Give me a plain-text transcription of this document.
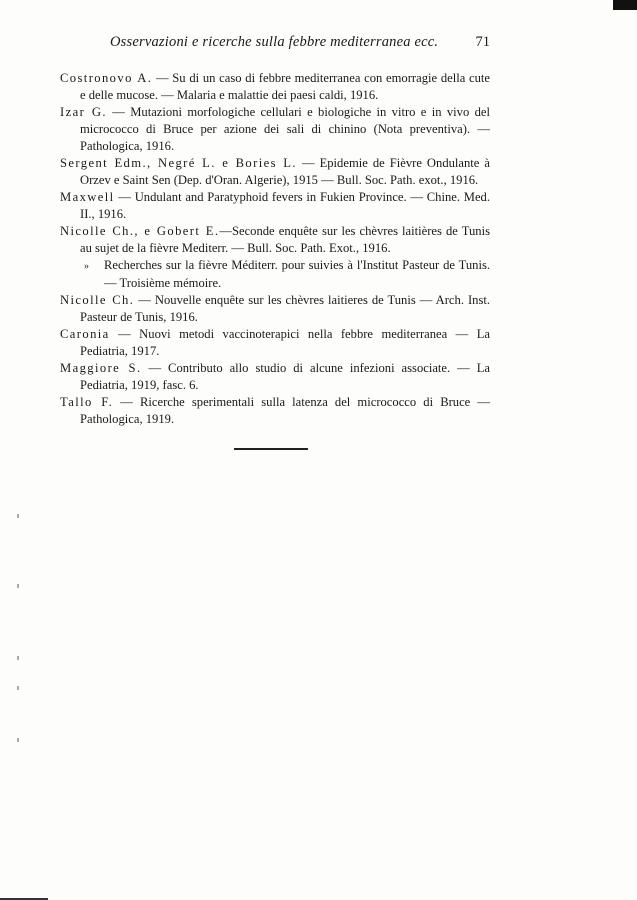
Osservazioni e ricerche sulla febbre mediterranea ecc.	71

Costronovo A. — Su di un caso di febbre mediterranea con emorragie della cute e delle mucose. — Malaria e malattie dei paesi caldi, 1916.

Izar G. — Mutazioni morfologiche cellulari e biologiche in vitro e in vivo del micrococco di Bruce per azione dei sali di chinino (Nota preventiva). — Pathologica, 1916.

Sergent Edm., Negré L. e Bories L. — Epidemie de Fièvre Ondulante à Orzev e Saint Sen (Dep. d'Oran. Algerie), 1915 — Bull. Soc. Path. exot., 1916.

Maxwell — Undulant and Paratyphoid fevers in Fukien Province. — Chine. Med. II., 1916.

Nicolle Ch., e Gobert E.—Seconde enquête sur les chèvres laitières de Tunis au sujet de la fièvre Mediterr. — Bull. Soc. Path. Exot., 1916.

» Recherches sur la fièvre Méditerr. pour suivies à l'Institut Pasteur de Tunis. — Troisième mémoire.

Nicolle Ch. — Nouvelle enquête sur les chèvres laitieres de Tunis — Arch. Inst. Pasteur de Tunis, 1916.

Caronia — Nuovi metodi vaccinoterapici nella febbre mediterranea — La Pediatria, 1917.

Maggiore S. — Contributo allo studio di alcune infezioni associate. — La Pediatria, 1919, fasc. 6.

Tallo F. — Ricerche sperimentali sulla latenza del micrococco di Bruce — Pathologica, 1919.
